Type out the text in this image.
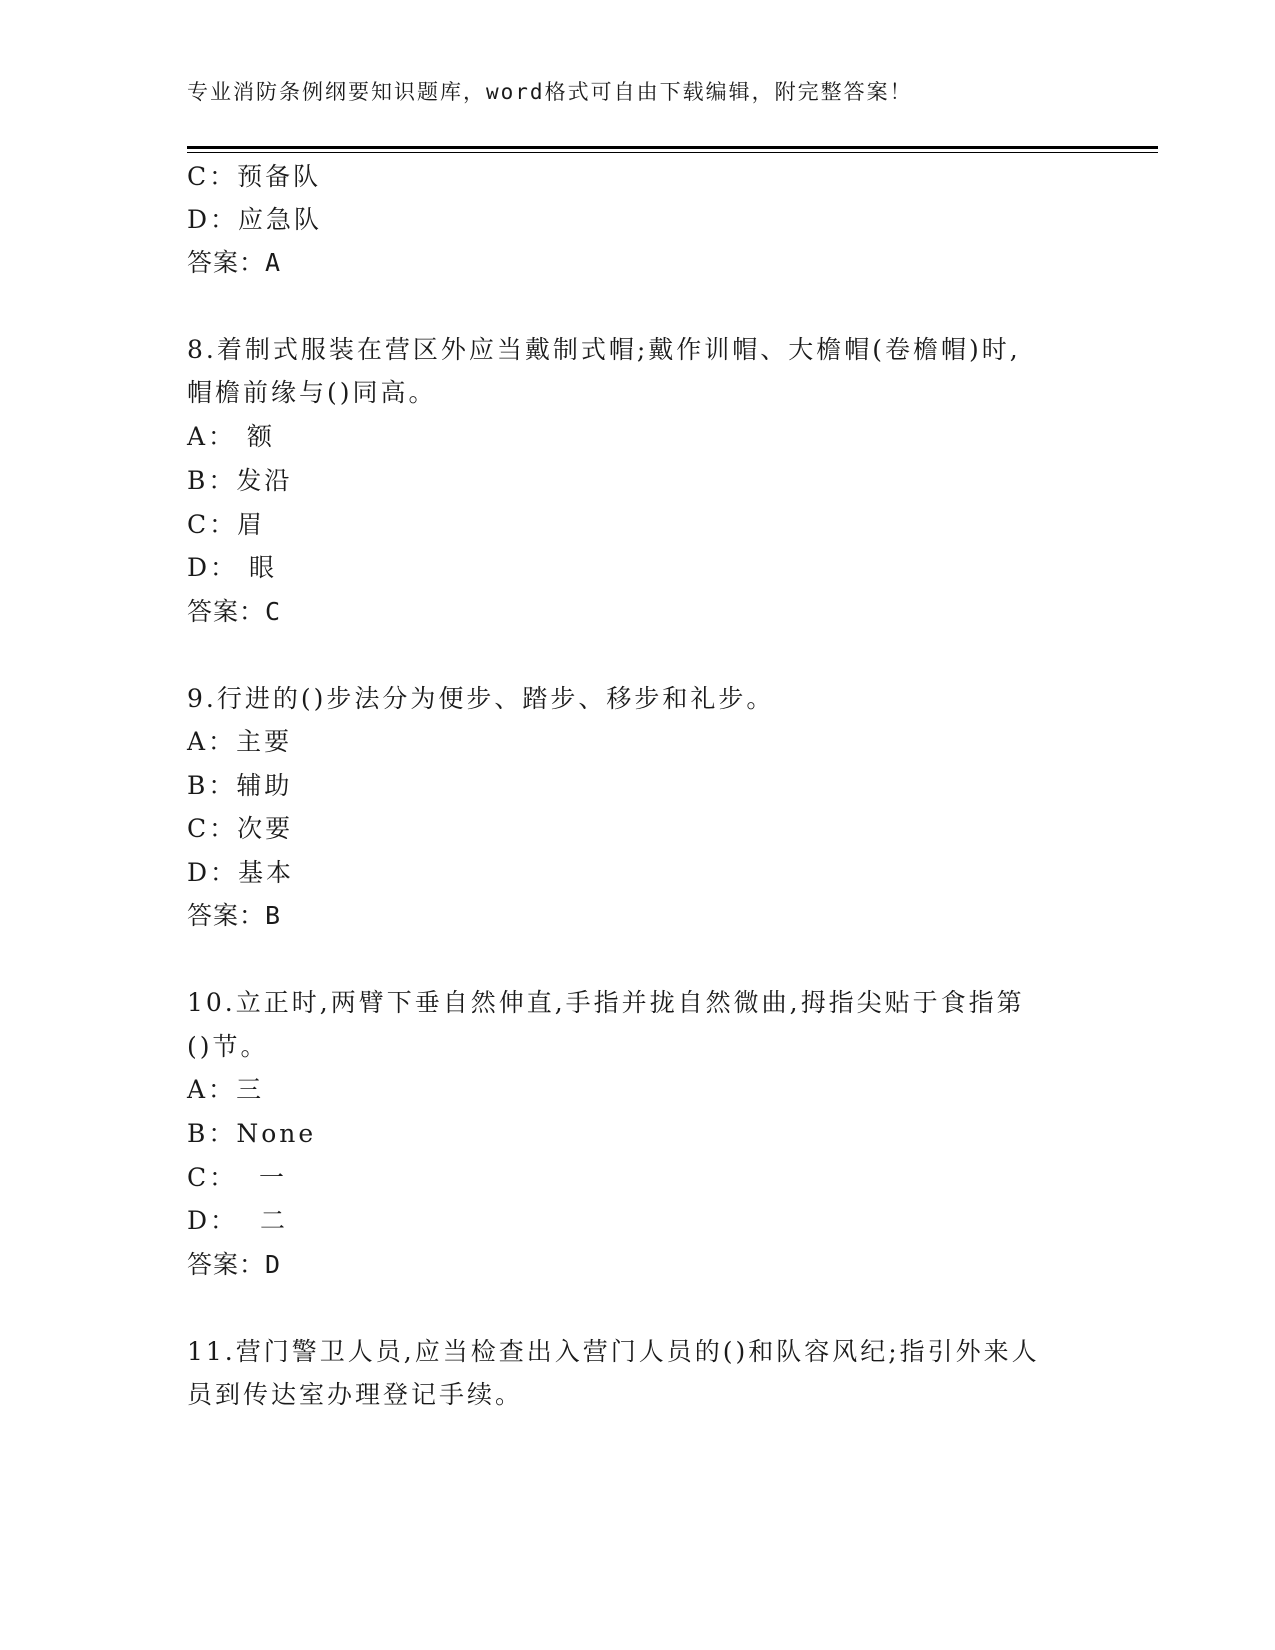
专业消防条例纲要知识题库，word格式可自由下载编辑，附完整答案！
C：预备队
D：应急队
答案：A
8.着制式服装在营区外应当戴制式帽;戴作训帽、大檐帽(卷檐帽)时,
帽檐前缘与()同高。
A： 额
B：发沿
C：眉
D： 眼
答案：C
9.行进的()步法分为便步、踏步、移步和礼步。
A：主要
B：辅助
C：次要
D：基本
答案：B
10.立正时,两臂下垂自然伸直,手指并拢自然微曲,拇指尖贴于食指第
()节。
A：三
B：None
C：  一
D：  二
答案：D
11.营门警卫人员,应当检查出入营门人员的()和队容风纪;指引外来人
员到传达室办理登记手续。
